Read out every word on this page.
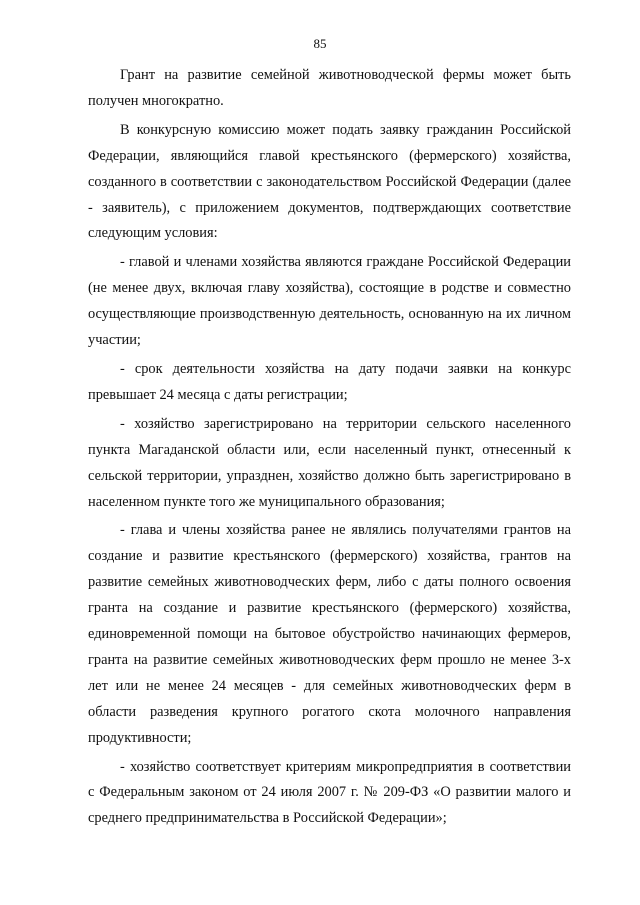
85

Грант на развитие семейной животноводческой фермы может быть получен многократно.

В конкурсную комиссию может подать заявку гражданин Российской Федерации, являющийся главой крестьянского (фермерского) хозяйства, созданного в соответствии с законодательством Российской Федерации (далее - заявитель), с приложением документов, подтверждающих соответствие следующим условия:

- главой и членами хозяйства являются граждане Российской Федерации (не менее двух, включая главу хозяйства), состоящие в родстве и совместно осуществляющие производственную деятельность, основанную на их личном участии;

- срок деятельности хозяйства на дату подачи заявки на конкурс превышает 24 месяца с даты регистрации;

- хозяйство зарегистрировано на территории сельского населенного пункта Магаданской области или, если населенный пункт, отнесенный к сельской территории, упразднен, хозяйство должно быть зарегистрировано в населенном пункте того же муниципального образования;

- глава и члены хозяйства ранее не являлись получателями грантов на создание и развитие крестьянского (фермерского) хозяйства, грантов на развитие семейных животноводческих ферм, либо с даты полного освоения гранта на создание и развитие крестьянского (фермерского) хозяйства, единовременной помощи на бытовое обустройство начинающих фермеров, гранта на развитие семейных животноводческих ферм прошло не менее 3-х лет или не менее 24 месяцев - для семейных животноводческих ферм в области разведения крупного рогатого скота молочного направления продуктивности;

- хозяйство соответствует критериям микропредприятия в соответствии с Федеральным законом от 24 июля 2007 г. № 209-ФЗ «О развитии малого и среднего предпринимательства в Российской Федерации»;
